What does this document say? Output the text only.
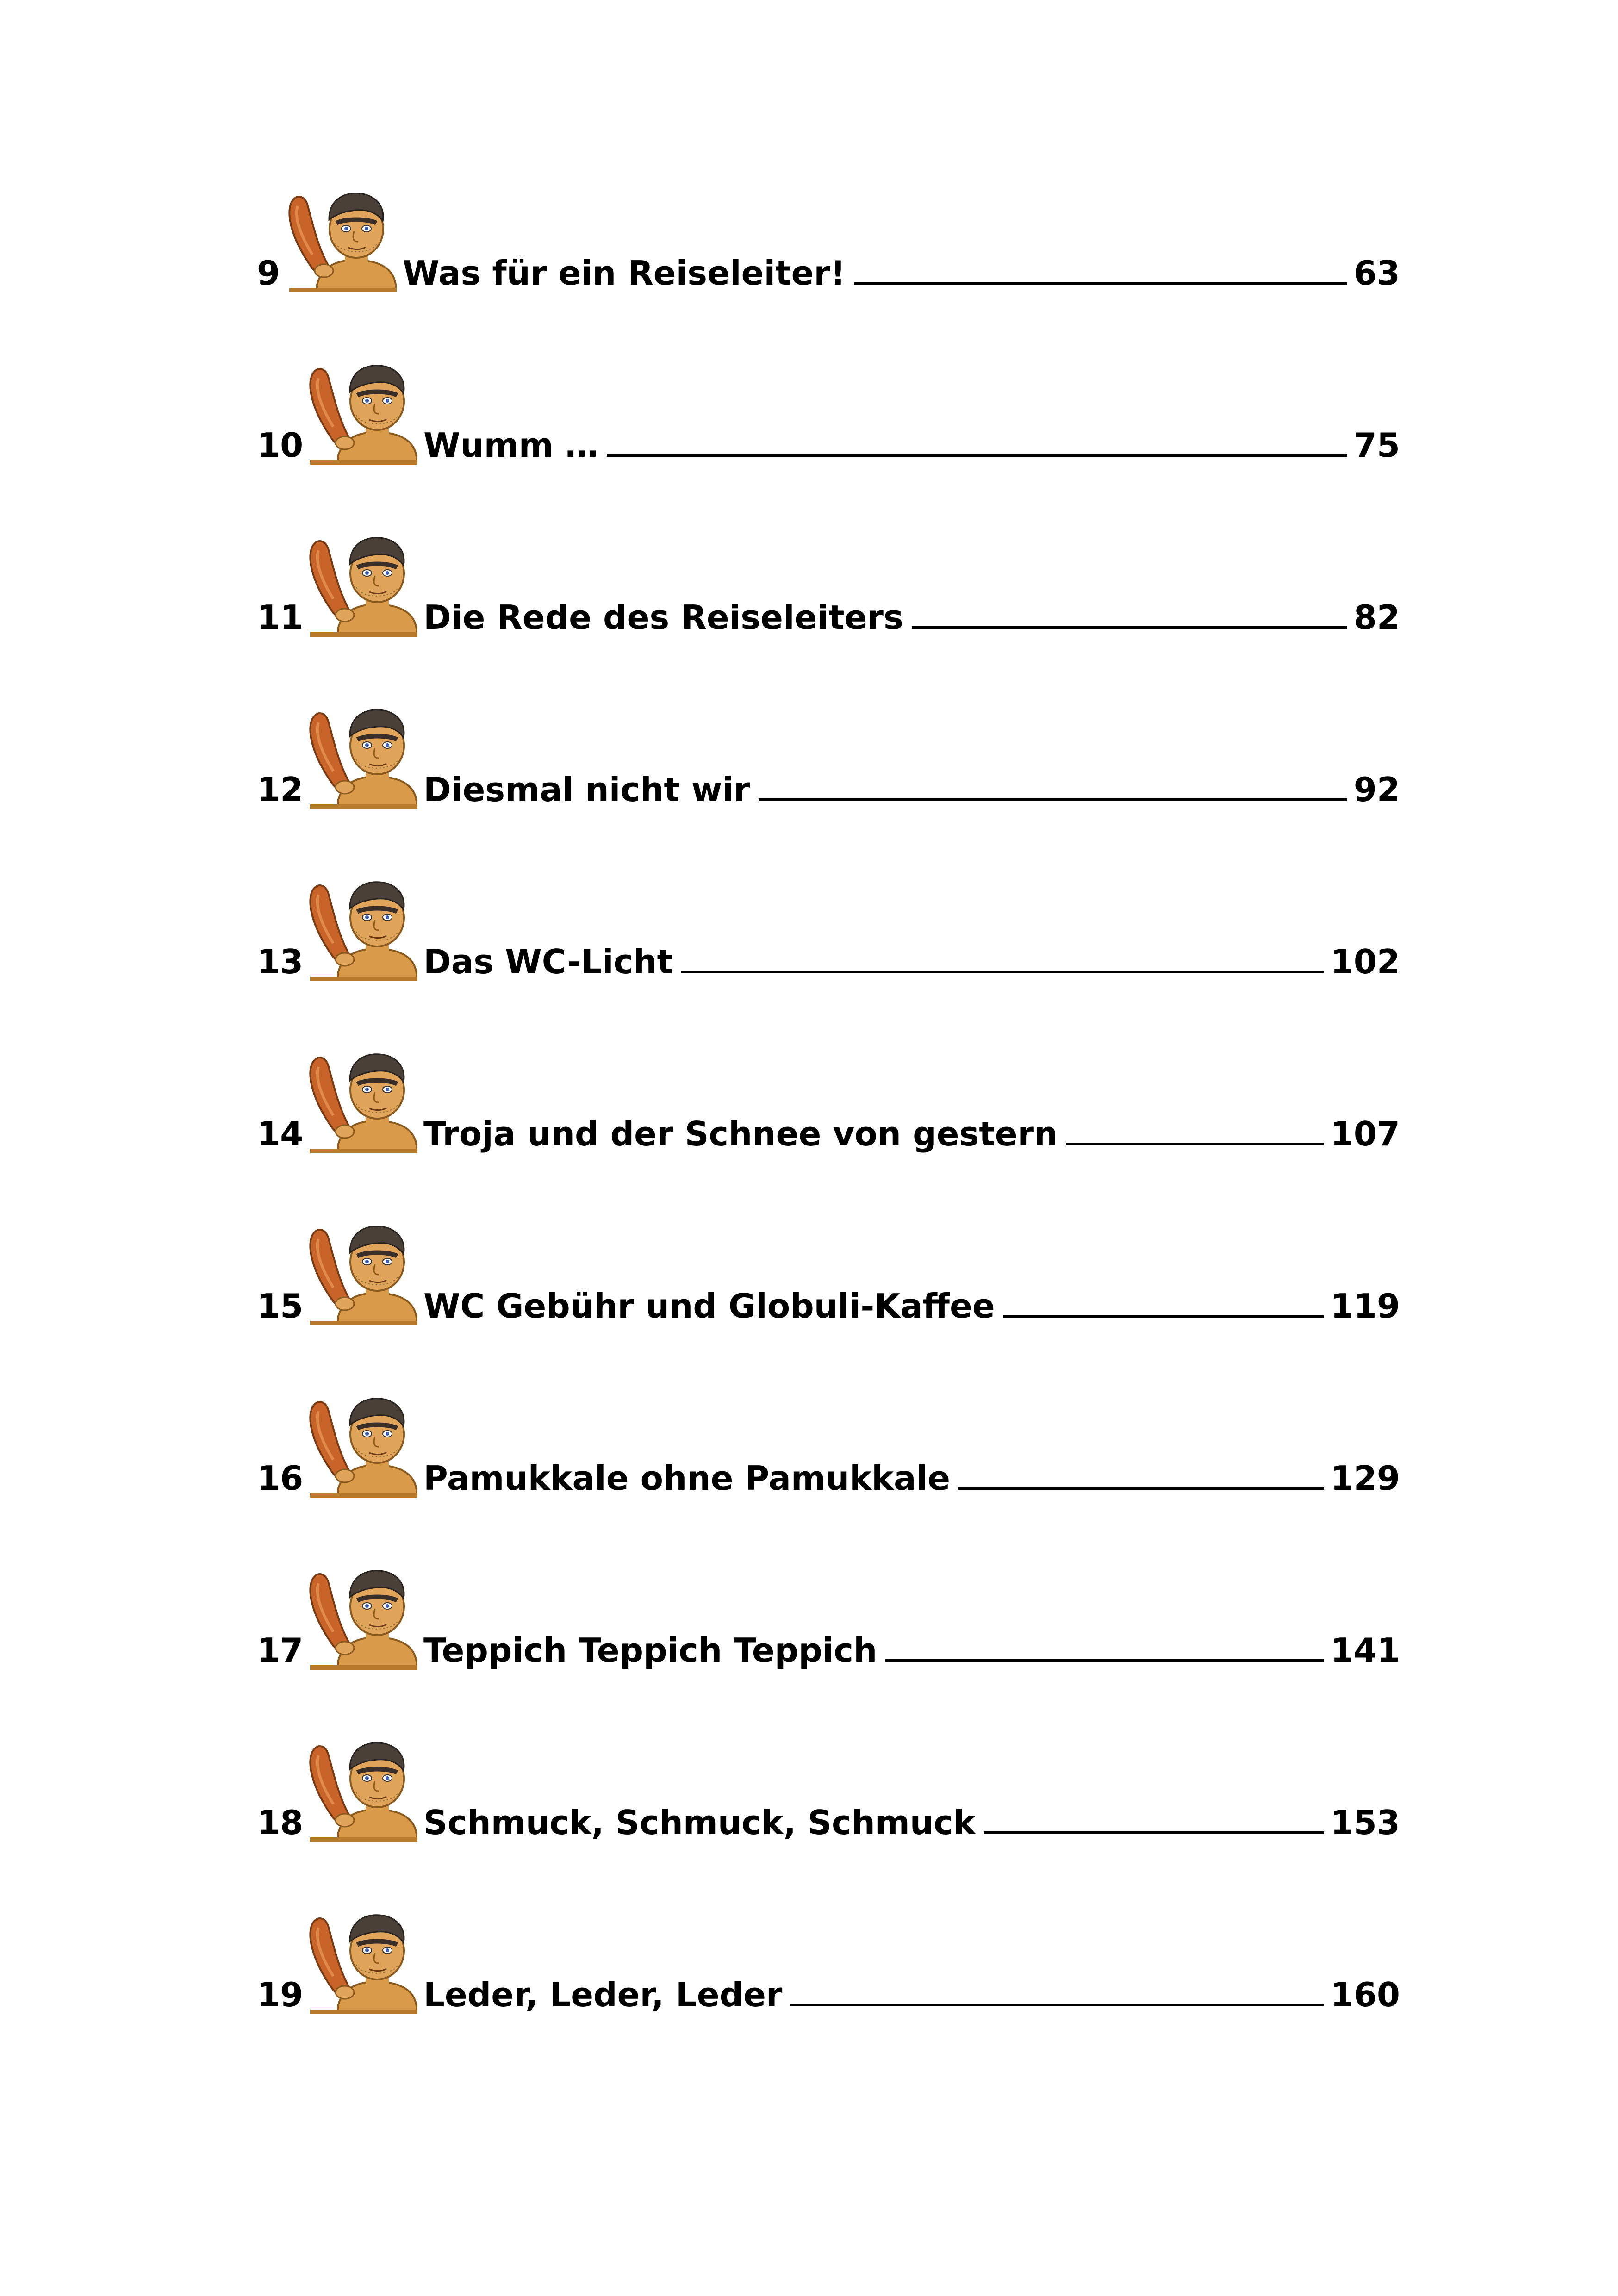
9	Was für ein Reiseleiter!	63
10	Wumm …	75
11	Die Rede des Reiseleiters	82
12	Diesmal nicht wir	92
13	Das WC-Licht	102
14	Troja und der Schnee von gestern	107
15	WC Gebühr und Globuli-Kaffee	119
16	Pamukkale ohne Pamukkale	129
17	Teppich Teppich Teppich	141
18	Schmuck, Schmuck, Schmuck	153
19	Leder, Leder, Leder	160
